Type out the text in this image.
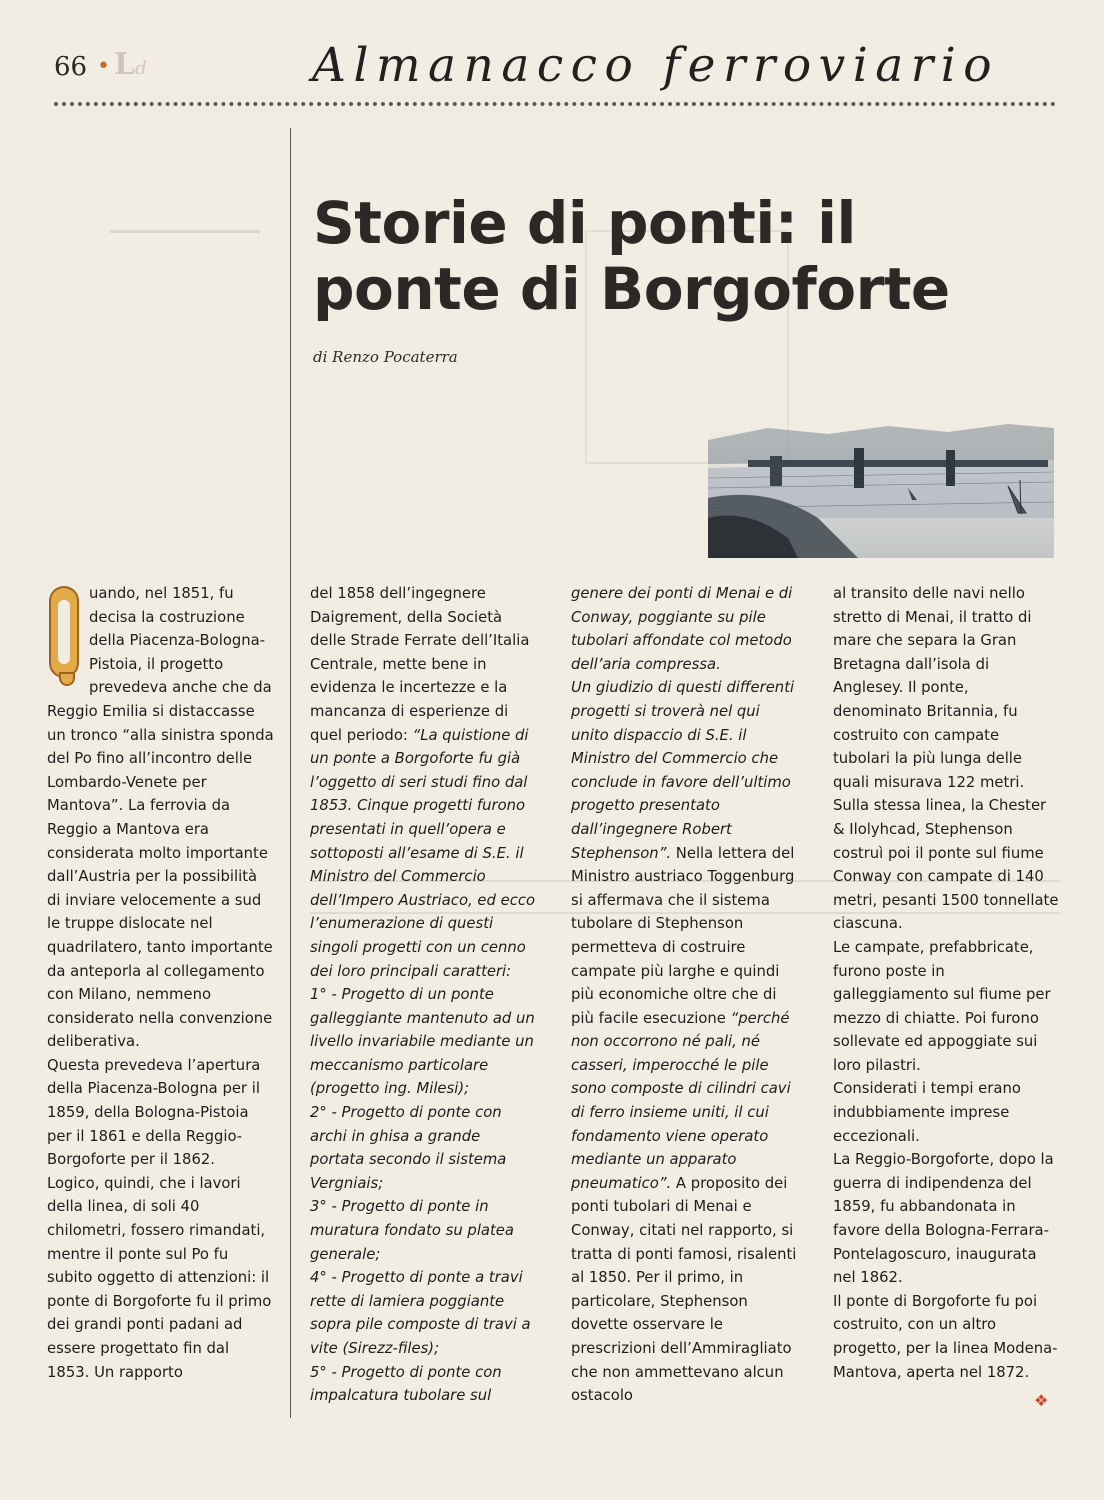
66 • Ld	Almanacco ferroviario
Storie di ponti: il ponte di Borgoforte
di Renzo Pocaterra

uando, nel 1851, fu decisa la costruzione della Piacenza-Bologna-Pistoia, il progetto prevedeva anche che da Reggio Emilia si distaccasse un tronco “alla sinistra sponda del Po fino all’incontro delle Lombardo-Venete per Mantova”. La ferrovia da Reggio a Mantova era considerata molto importante dall’Austria per la possibilità di inviare velocemente a sud le truppe dislocate nel quadrilatero, tanto importante da anteporla al collegamento con Milano, nemmeno considerato nella convenzione deliberativa.

Questa prevedeva l’apertura della Piacenza-Bologna per il 1859, della Bologna-Pistoia per il 1861 e della Reggio-Borgoforte per il 1862.

Logico, quindi, che i lavori della linea, di soli 40 chilometri, fossero rimandati, mentre il ponte sul Po fu subito oggetto di attenzioni: il ponte di Borgoforte fu il primo dei grandi ponti padani ad essere progettato fin dal 1853. Un rapporto

del 1858 dell’ingegnere Daigrement, della Società delle Strade Ferrate dell’Italia Centrale, mette bene in evidenza le incertezze e la mancanza di esperienze di quel periodo: “La quistione di un ponte a Borgoforte fu già l’oggetto di seri studi fino dal 1853. Cinque progetti furono presentati in quell’opera e sottoposti all’esame di S.E. il Ministro del Commercio dell’Impero Austriaco, ed ecco l’enumerazione di questi singoli progetti con un cenno dei loro principali caratteri:

1° - Progetto di un ponte galleggiante mantenuto ad un livello invariabile mediante un meccanismo particolare (progetto ing. Milesi);

2° - Progetto di ponte con archi in ghisa a grande portata secondo il sistema Vergniais;

3° - Progetto di ponte in muratura fondato su platea generale;

4° - Progetto di ponte a travi rette di lamiera poggiante sopra pile composte di travi a vite (Sirezz-files);

5° - Progetto di ponte con impalcatura tubolare sul

genere dei ponti di Menai e di Conway, poggiante su pile tubolari affondate col metodo dell’aria compressa.

Un giudizio di questi differenti progetti si troverà nel qui unito dispaccio di S.E. il Ministro del Commercio che conclude in favore dell’ultimo progetto presentato dall’ingegnere Robert Stephenson”. Nella lettera del Ministro austriaco Toggenburg si affermava che il sistema tubolare di Stephenson permetteva di costruire campate più larghe e quindi più economiche oltre che di più facile esecuzione “perché non occorrono né pali, né casseri, imperocché le pile sono composte di cilindri cavi di ferro insieme uniti, il cui fondamento viene operato mediante un apparato pneumatico”. A proposito dei ponti tubolari di Menai e Conway, citati nel rapporto, si tratta di ponti famosi, risalenti al 1850. Per il primo, in particolare, Stephenson dovette osservare le prescrizioni dell’Ammiragliato che non ammettevano alcun ostacolo

al transito delle navi nello stretto di Menai, il tratto di mare che separa la Gran Bretagna dall’isola di Anglesey. Il ponte, denominato Britannia, fu costruito con campate tubolari la più lunga delle quali misurava 122 metri.

Sulla stessa linea, la Chester & Ilolyhcad, Stephenson costruì poi il ponte sul fiume Conway con campate di 140 metri, pesanti 1500 tonnellate ciascuna.

Le campate, prefabbricate, furono poste in galleggiamento sul fiume per mezzo di chiatte. Poi furono sollevate ed appoggiate sui loro pilastri.

Considerati i tempi erano indubbiamente imprese eccezionali.

La Reggio-Borgoforte, dopo la guerra di indipendenza del 1859, fu abbandonata in favore della Bologna-Ferrara-Pontelagoscuro, inaugurata nel 1862.

Il ponte di Borgoforte fu poi costruito, con un altro progetto, per la linea Modena-Mantova, aperta nel 1872.

❖
